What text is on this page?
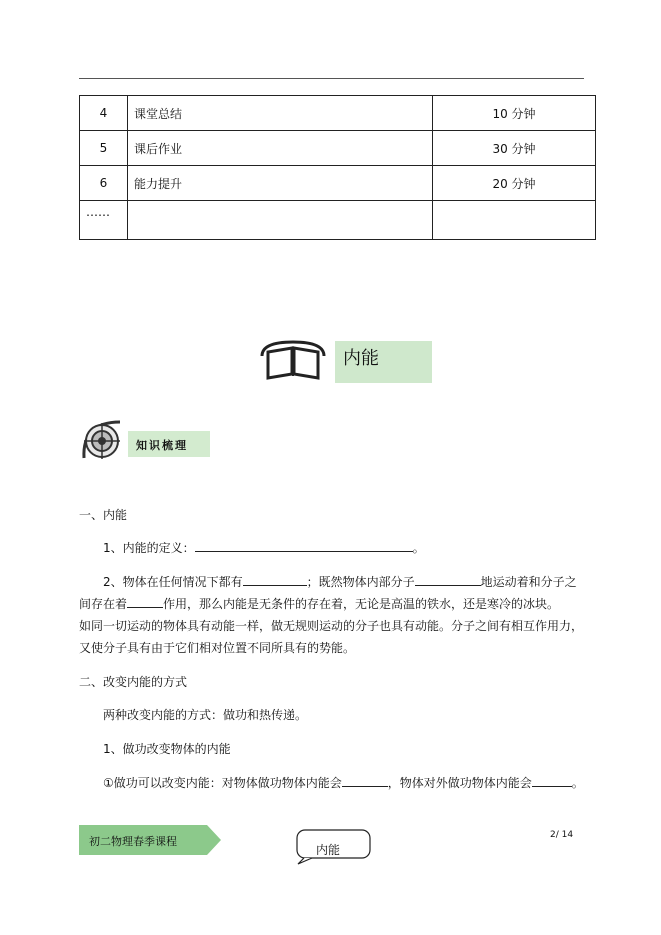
4	课堂总结	10 分钟
5	课后作业	30 分钟
6	能力提升	20 分钟
……		
内能
知识梳理
一、内能
1、内能的定义：	。
2、物体在任何情况下都有	；既然物体内部分子	地运动着和分子之
间存在着	作用，那么内能是无条件的存在着，无论是高温的铁水，还是寒冷的冰块。
如同一切运动的物体具有动能一样，做无规则运动的分子也具有动能。分子之间有相互作用力，
又使分子具有由于它们相对位置不同所具有的势能。
二、改变内能的方式
两种改变内能的方式：做功和热传递。
1、做功改变物体的内能
①做功可以改变内能：对物体做功物体内能会	，物体对外做功物体内能会	。
初二物理春季课程
内能
2/ 14
